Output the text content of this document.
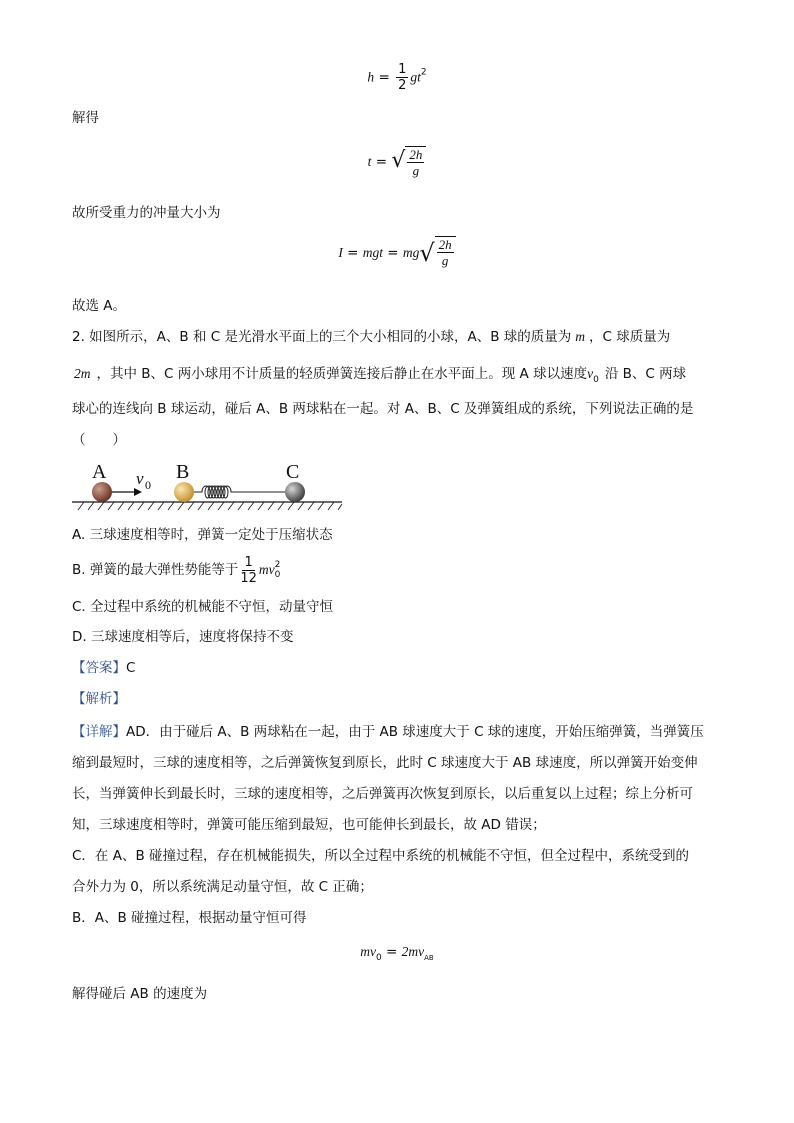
$h = \frac{1}{2} gt^2$
解得
t = √ $\frac{2h}{g}$
故所受重力的冲量大小为
I = mgt = mg √ $\frac{2h}{g}$
故选 A。
2. 如图所示，A、B 和 C 是光滑水平面上的三个大小相同的小球，A、B 球的质量为 m ，C 球质量为
2m ，其中 B、C 两小球用不计质量的轻质弹簧连接后静止在水平面上。现 A 球以速度$v_0$ 沿 B、C 两球
球心的连线向 B 球运动，碰后 A、B 两球粘在一起。对 A、B、C 及弹簧组成的系统，下列说法正确的是
（　　）
A	B	C
v 0
A. 三球速度相等时，弹簧一定处于压缩状态
B. 弹簧的最大弹性势能等于 $\frac{1}{12}$ mv 2
0
C. 全过程中系统的机械能不守恒，动量守恒
D. 三球速度相等后，速度将保持不变
【答案】C
【解析】
【详解】AD．由于碰后 A、B 两球粘在一起，由于 AB 球速度大于 C 球的速度，开始压缩弹簧，当弹簧压
缩到最短时，三球的速度相等，之后弹簧恢复到原长，此时 C 球速度大于 AB 球速度，所以弹簧开始变伸
长，当弹簧伸长到最长时，三球的速度相等，之后弹簧再次恢复到原长，以后重复以上过程；综上分析可
知，三球速度相等时，弹簧可能压缩到最短，也可能伸长到最长，故 AD 错误；
C．在 A、B 碰撞过程，存在机械能损失，所以全过程中系统的机械能不守恒，但全过程中，系统受到的
合外力为 0，所以系统满足动量守恒，故 C 正确；
B．A、B 碰撞过程，根据动量守恒可得
$mv_0 = 2mv_{AB}$
解得碰后 AB 的速度为
